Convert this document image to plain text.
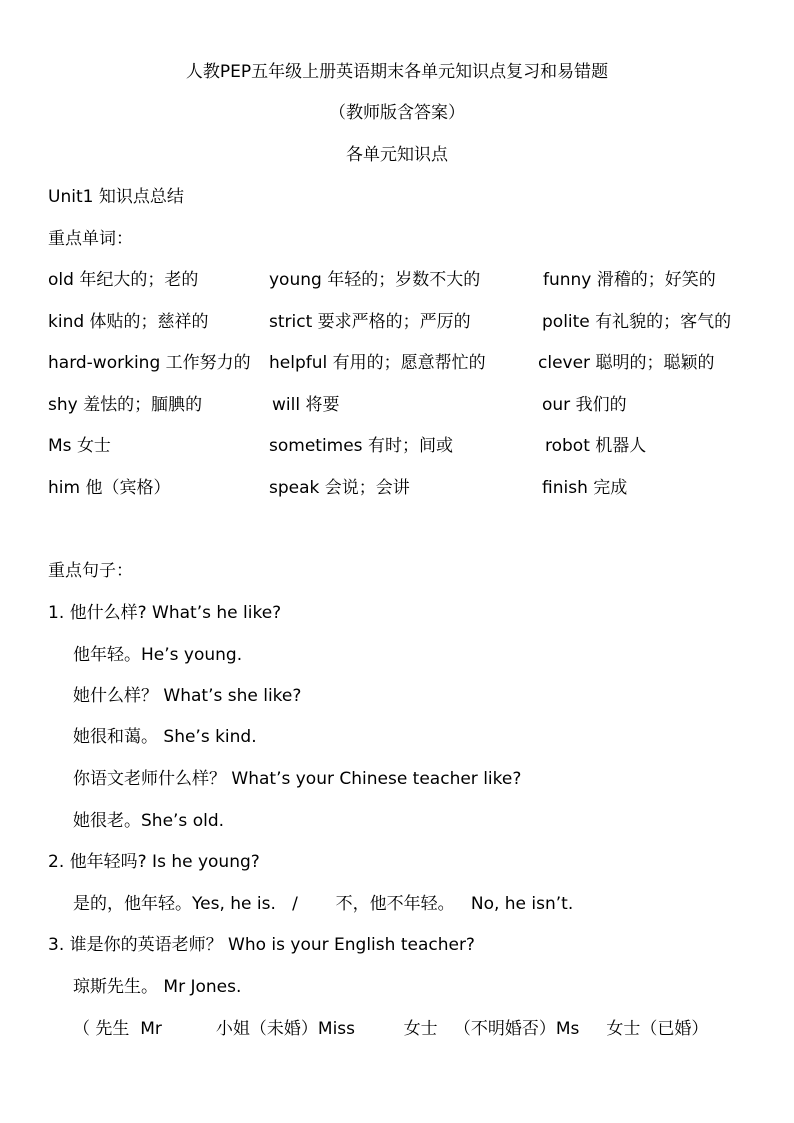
人教PEP五年级上册英语期末各单元知识点复习和易错题
（教师版含答案）
各单元知识点
Unit1 知识点总结
重点单词：
old 年纪大的；老的	young 年轻的；岁数不大的	funny 滑稽的；好笑的
kind 体贴的；慈祥的	strict 要求严格的；严厉的	polite 有礼貌的；客气的
hard-working 工作努力的 helpful 有用的；愿意帮忙的	clever 聪明的；聪颖的
shy 羞怯的；腼腆的	will 将要	our 我们的
Ms 女士	sometimes 有时；间或	robot 机器人
him 他（宾格）	speak 会说；会讲	finish 完成
重点句子：
1. 他什么样? What’s he like?
他年轻。He’s young.
她什么样？ What’s she like?
她很和蔼。 She’s kind.
你语文老师什么样？ What’s your Chinese teacher like?
她很老。She’s old.
2. 他年轻吗? Is he young?
是的，他年轻。Yes, he is.   /       不，他不年轻。   No, he isn’t.
3. 谁是你的英语老师？ Who is your English teacher?
琼斯先生。 Mr Jones.
（ 先生  Mr          小姐（未婚）Miss         女士   （不明婚否）Ms     女士（已婚）
